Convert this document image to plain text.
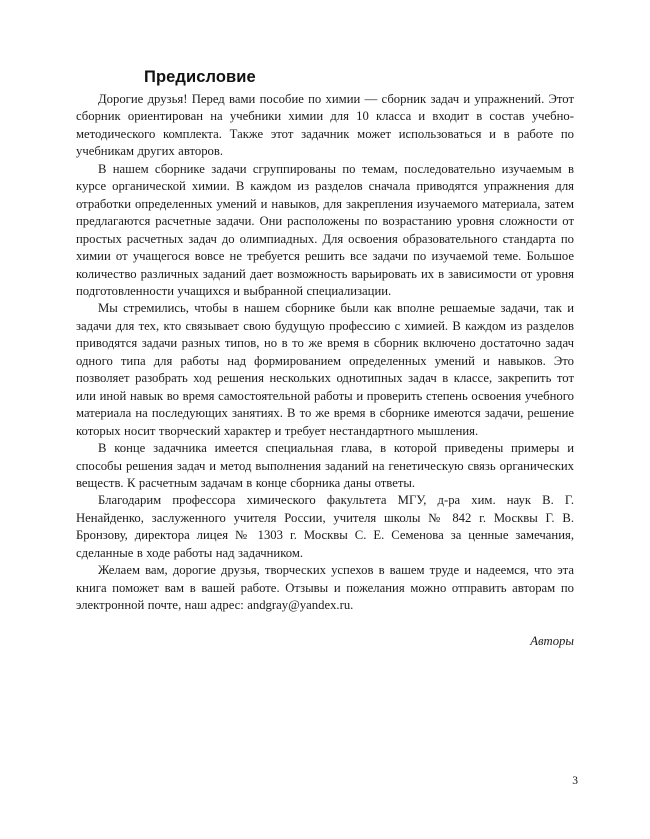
Предисловие

Дорогие друзья! Перед вами пособие по химии — сборник задач и упражнений. Этот сборник ориентирован на учебники химии для 10 класса и входит в состав учебно-методического комплекта. Также этот задачник может использоваться и в работе по учебникам других авторов.

В нашем сборнике задачи сгруппированы по темам, последовательно изучаемым в курсе органической химии. В каждом из разделов сначала приводятся упражнения для отработки определенных умений и навыков, для закрепления изучаемого материала, затем предлагаются расчетные задачи. Они расположены по возрастанию уровня сложности от простых расчетных задач до олимпиадных. Для освоения образовательного стандарта по химии от учащегося вовсе не требуется решить все задачи по изучаемой теме. Большое количество различных заданий дает возможность варьировать их в зависимости от уровня подготовленности учащихся и выбранной специализации.

Мы стремились, чтобы в нашем сборнике были как вполне решаемые задачи, так и задачи для тех, кто связывает свою будущую профессию с химией. В каждом из разделов приводятся задачи разных типов, но в то же время в сборник включено достаточно задач одного типа для работы над формированием определенных умений и навыков. Это позволяет разобрать ход решения нескольких однотипных задач в классе, закрепить тот или иной навык во время самостоятельной работы и проверить степень освоения учебного материала на последующих занятиях. В то же время в сборнике имеются задачи, решение которых носит творческий характер и требует нестандартного мышления.

В конце задачника имеется специальная глава, в которой приведены примеры и способы решения задач и метод выполнения заданий на генетическую связь органических веществ. К расчетным задачам в конце сборника даны ответы.

Благодарим профессора химического факультета МГУ, д-ра хим. наук В. Г. Ненайденко, заслуженного учителя России, учителя школы № 842 г. Москвы Г. В. Бронзову, директора лицея № 1303 г. Москвы С. Е. Семенова за ценные замечания, сделанные в ходе работы над задачником.

Желаем вам, дорогие друзья, творческих успехов в вашем труде и надеемся, что эта книга поможет вам в вашей работе. Отзывы и пожелания можно отправить авторам по электронной почте, наш адрес: andgray@yandex.ru.

Авторы

3
